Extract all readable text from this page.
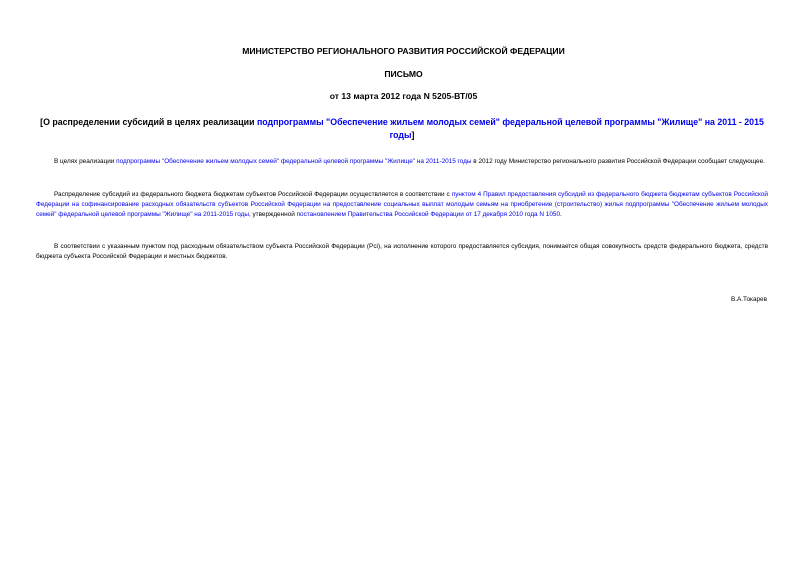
МИНИСТЕРСТВО РЕГИОНАЛЬНОГО РАЗВИТИЯ РОССИЙСКОЙ ФЕДЕРАЦИИ
ПИСЬМО
от 13 марта 2012 года N 5205-ВТ/05
[О распределении субсидий в целях реализации подпрограммы "Обеспечение жильем молодых семей" федеральной целевой программы "Жилище" на 2011 - 2015 годы]
В целях реализации подпрограммы "Обеспечение жильем молодых семей" федеральной целевой программы "Жилище" на 2011-2015 годы в 2012 году Министерство регионального развития Российской Федерации сообщает следующее.
Распределение субсидий из федерального бюджета бюджетам субъектов Российской Федерации осуществляется в соответствии с пунктом 4 Правил предоставления субсидий из федерального бюджета бюджетам субъектов Российской Федерации на софинансирование расходных обязательств субъектов Российской Федерации на предоставление социальных выплат молодым семьям на приобретение (строительство) жилья подпрограммы "Обеспечение жильем молодых семей" федеральной целевой программы "Жилище" на 2011-2015 годы, утвержденной постановлением Правительства Российской Федерации от 17 декабря 2010 года N 1050.
В соответствии с указанным пунктом под расходным обязательством субъекта Российской Федерации (Рсi), на исполнение которого предоставляется субсидия, понимается общая совокупность средств федерального бюджета, средств бюджета субъекта Российской Федерации и местных бюджетов.
В.А.Токарев
